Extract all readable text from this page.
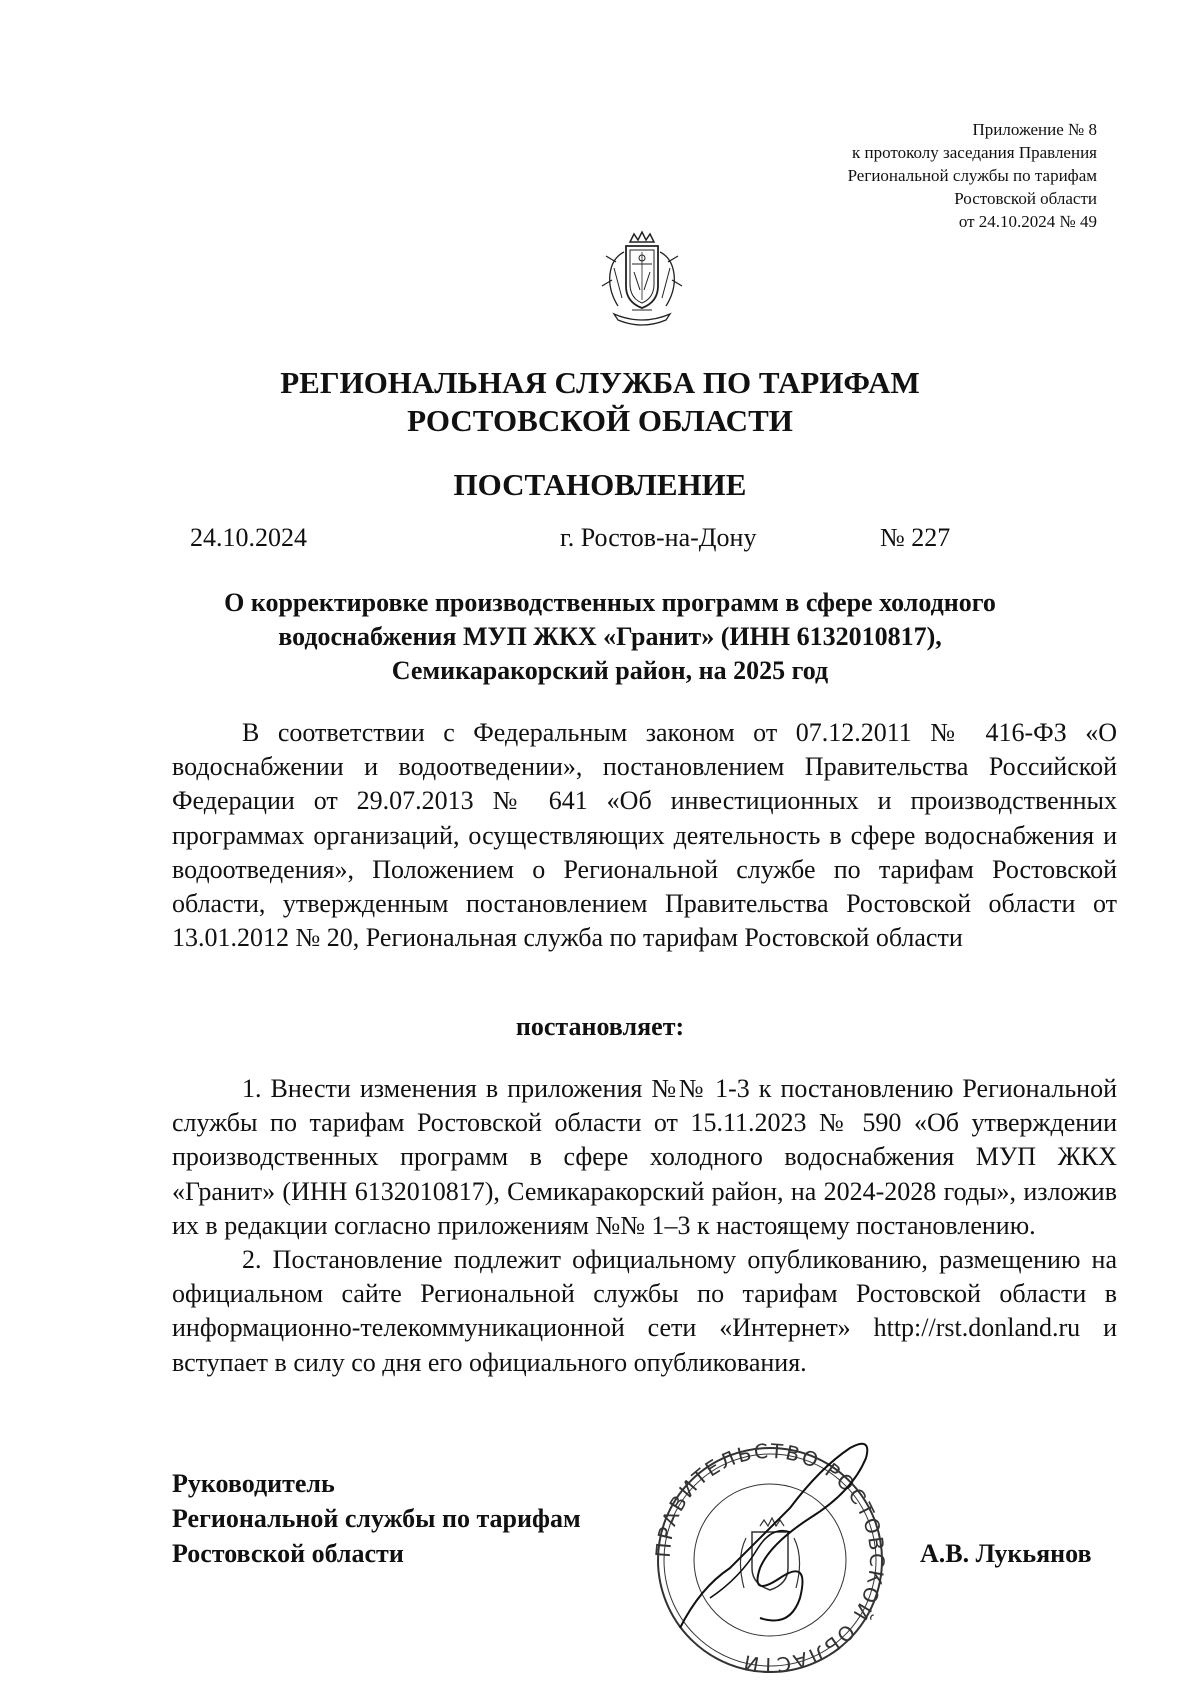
Приложение № 8
к протоколу заседания Правления
Региональной службы по тарифам
Ростовской области
от 24.10.2024 № 49
РЕГИОНАЛЬНАЯ СЛУЖБА ПО ТАРИФАМ
РОСТОВСКОЙ ОБЛАСТИ
ПОСТАНОВЛЕНИЕ
24.10.2024	г. Ростов-на-Дону	№ 227
О корректировке производственных программ в сфере холодного
водоснабжения МУП ЖКХ «Гранит» (ИНН 6132010817),
Семикаракорский район, на 2025 год

В соответствии с Федеральным законом от 07.12.2011 № 416-ФЗ «О водоснабжении и водоотведении», постановлением Правительства Российской Федерации от 29.07.2013 № 641 «Об инвестиционных и производственных программах организаций, осуществляющих деятельность в сфере водоснабжения и водоотведения», Положением о Региональной службе по тарифам Ростовской области, утвержденным постановлением Правительства Ростовской области от 13.01.2012 № 20, Региональная служба по тарифам Ростовской области

постановляет:

1. Внести изменения в приложения №№ 1-3 к постановлению Региональной службы по тарифам Ростовской области от 15.11.2023 № 590 «Об утверждении производственных программ в сфере холодного водоснабжения МУП ЖКХ «Гранит» (ИНН 6132010817), Семикаракорский район, на 2024-2028 годы», изложив их в редакции согласно приложениям №№ 1–3 к настоящему постановлению.

2. Постановление подлежит официальному опубликованию, размещению на официальном сайте Региональной службы по тарифам Ростовской области в информационно-телекоммуникационной сети «Интернет» http://rst.donland.ru и вступает в силу со дня его официального опубликования.

Руководитель
Региональной службы по тарифам
Ростовской области	ПРАВИТЕЛЬСТВО РОСТОВСКОЙ ОБЛАСТИ
А.В. Лукьянов
